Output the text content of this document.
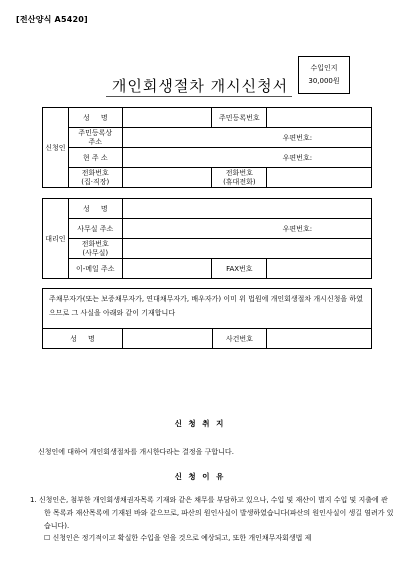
[전산양식 A5420]
수입인지
30,000원
개인회생절차 개시신청서
신청인	성     명		주민등록번호	
	주민등록상
주소	우편번호:		
	현 주 소	우편번호:		
	전화번호
(집·직장)		전화번호
(휴대전화)	
대리인	성     명			
	사무실 주소	우편번호:		
	전화번호
(사무실)			
	이-메일 주소		FAX번호	
주채무자가(또는 보증채무자가, 연대채무자가, 배우자가) 이미 위 법원에 개인회생절차 개시신청을 하였으므로 그 사실을 아래와 같이 기재합니다
성     명		사건번호	
신 청 취 지
신청인에 대하여 개인회생절차를 개시한다라는 결정을 구합니다.
신 청 이 유
1. 신청인은, 첨부한 개인회생채권자목록 기재와 같은 채무를 부담하고 있으나, 수입 및 재산이 별지 수입 및 지출에 관한 목록과 재산목록에 기재된 바와 같으므로, 파산의 원인사실이 발생하였습니다(파산의 원인사실이 생길 염려가 있습니다).
☐ 신청인은 정기적이고 확실한 수입을 얻을 것으로 예상되고, 또한 개인채무자회생법 제
